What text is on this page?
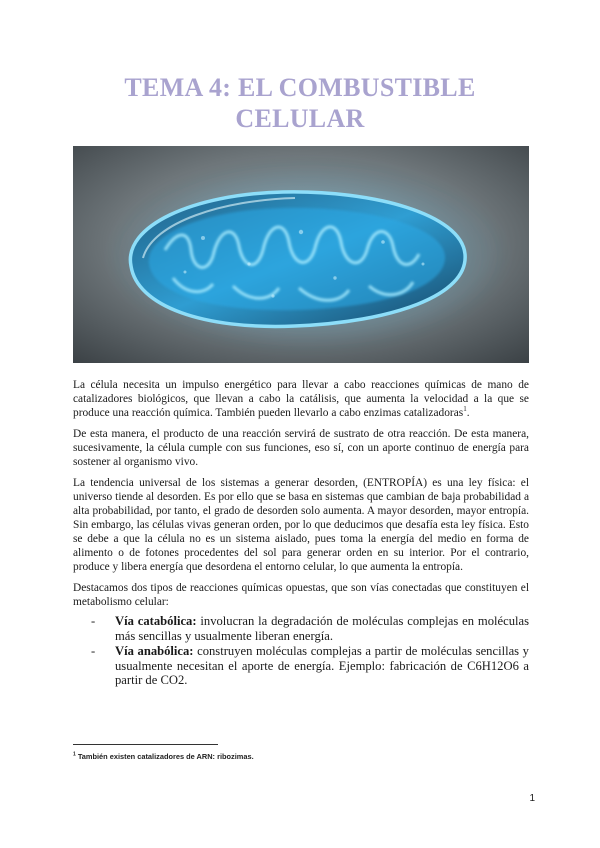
TEMA 4: EL COMBUSTIBLE
CELULAR

La célula necesita un impulso energético para llevar a cabo reacciones químicas de mano de catalizadores biológicos, que llevan a cabo la catálisis, que aumenta la velocidad a la que se produce una reacción química. También pueden llevarlo a cabo enzimas catalizadoras$^1$.

De esta manera, el producto de una reacción servirá de sustrato de otra reacción. De esta manera, sucesivamente, la célula cumple con sus funciones, eso sí, con un aporte continuo de energía para sostener al organismo vivo.

La tendencia universal de los sistemas a generar desorden, (ENTROPÍA) es una ley física: el universo tiende al desorden. Es por ello que se basa en sistemas que cambian de baja probabilidad a alta probabilidad, por tanto, el grado de desorden solo aumenta. A mayor desorden, mayor entropía. Sin embargo, las células vivas generan orden, por lo que deducimos que desafía esta ley física. Esto se debe a que la célula no es un sistema aislado, pues toma la energía del medio en forma de alimento o de fotones procedentes del sol para generar orden en su interior. Por el contrario, produce y libera energía que desordena el entorno celular, lo que aumenta la entropía.

Destacamos dos tipos de reacciones químicas opuestas, que son vías conectadas que constituyen el metabolismo celular:

- Vía catabólica: involucran la degradación de moléculas complejas en moléculas más sencillas y usualmente liberan energía.
- Vía anabólica: construyen moléculas complejas a partir de moléculas sencillas y usualmente necesitan el aporte de energía. Ejemplo: fabricación de C6H12O6 a partir de CO2.
$^1$ También existen catalizadores de ARN: ribozimas.
1
